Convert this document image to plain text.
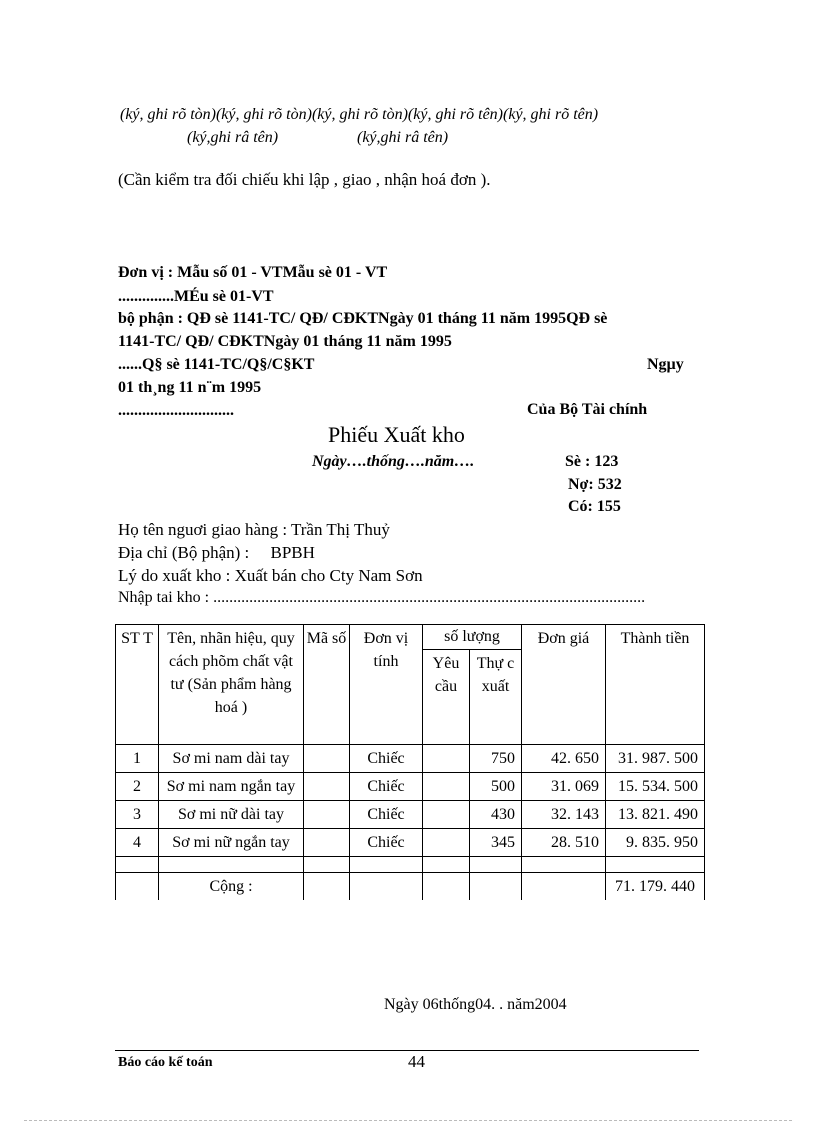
(ký, ghi rõ tòn)(ký, ghi rõ tòn)(ký, ghi rõ tòn)(ký, ghi rõ tên)(ký, ghi rõ tên)
(ký,ghi râ tên)	(ký,ghi râ tên)
(Cần kiểm tra đối chiếu khi lập , giao , nhận hoá đơn ).
Đơn vị : Mẫu số 01 - VTMẫu sè 01 - VT
..............MÉu sè 01-VT
bộ phận : QĐ sè 1141-TC/ QĐ/ CĐKTNgày 01 tháng 11 năm 1995QĐ sè
1141-TC/ QĐ/ CĐKTNgày 01 tháng 11 năm 1995
......Q§ sè 1141-TC/Q§/C§KT	Ngµy
01 th¸ng 11 n¨m 1995
.............................	Của Bộ Tài chính
Phiếu Xuất kho
Ngày….thống….năm….	Sè : 123
Nợ: 532
Có: 155
Họ tên nguơi giao hàng : Trần Thị Thuỷ
Địa chỉ (Bộ phận) :     BPBH
Lý do xuất kho : Xuất bán cho Cty Nam Sơn
Nhập tai kho : ............................................................................................................
ST T	Tên, nhãn hiệu, quy cách phõm chất vật tư (Sản phẩm hàng hoá )	Mã số	Đơn vị tính	số lượng		Đơn giá	Thành tiền
				Yêu cầu	Thự c xuất		
1	Sơ mi nam dài tay		Chiếc		750	42. 650	31. 987. 500
2	Sơ mi nam ngắn tay		Chiếc		500	31. 069	15. 534. 500
3	Sơ mi nữ dài tay		Chiếc		430	32. 143	13. 821. 490
4	Sơ mi nữ ngắn tay		Chiếc		345	28. 510	9. 835. 950

	Cộng :						71. 179. 440
Ngày 06thống04. . năm2004
Báo cáo kế toán	44
